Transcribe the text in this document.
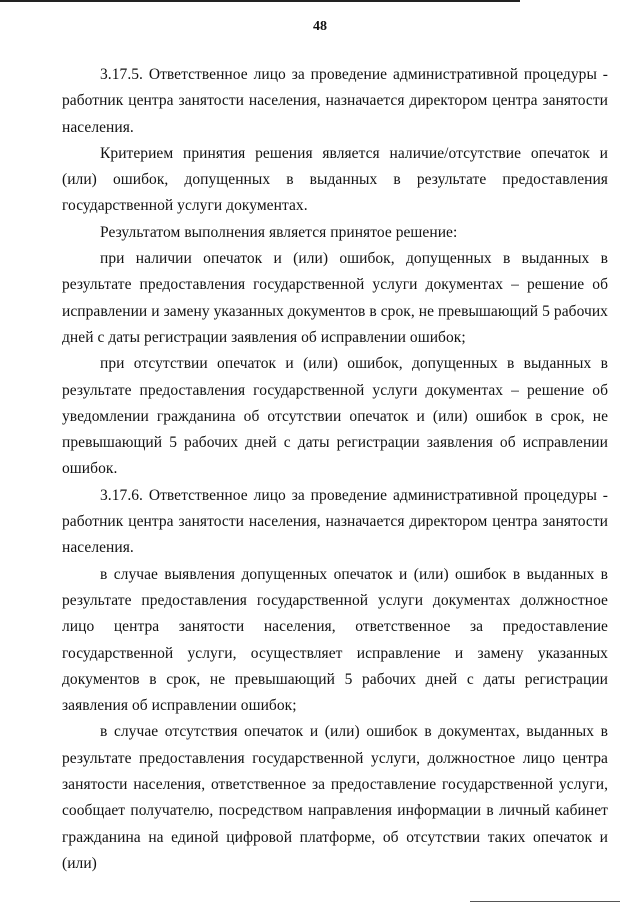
48

3.17.5. Ответственное лицо за проведение административной процедуры - работник центра занятости населения, назначается директором центра занятости населения.

Критерием принятия решения является наличие/отсутствие опечаток и (или) ошибок, допущенных в выданных в результате предоставления государственной услуги документах.

Результатом выполнения является принятое решение:

при наличии опечаток и (или) ошибок, допущенных в выданных в результате предоставления государственной услуги документах – решение об исправлении и замену указанных документов в срок, не превышающий 5 рабочих дней с даты регистрации заявления об исправлении ошибок;

при отсутствии опечаток и (или) ошибок, допущенных в выданных в результате предоставления государственной услуги документах – решение об уведомлении гражданина об отсутствии опечаток и (или) ошибок в срок, не превышающий 5 рабочих дней с даты регистрации заявления об исправлении ошибок.

3.17.6. Ответственное лицо за проведение административной процедуры - работник центра занятости населения, назначается директором центра занятости населения.

в случае выявления допущенных опечаток и (или) ошибок в выданных в результате предоставления государственной услуги документах должностное лицо центра занятости населения, ответственное за предоставление государственной услуги, осуществляет исправление и замену указанных документов в срок, не превышающий 5 рабочих дней с даты регистрации заявления об исправлении ошибок;

в случае отсутствия опечаток и (или) ошибок в документах, выданных в результате предоставления государственной услуги, должностное лицо центра занятости населения, ответственное за предоставление государственной услуги, сообщает получателю, посредством направления информации в личный кабинет гражданина на единой цифровой платформе, об отсутствии таких опечаток и (или)
